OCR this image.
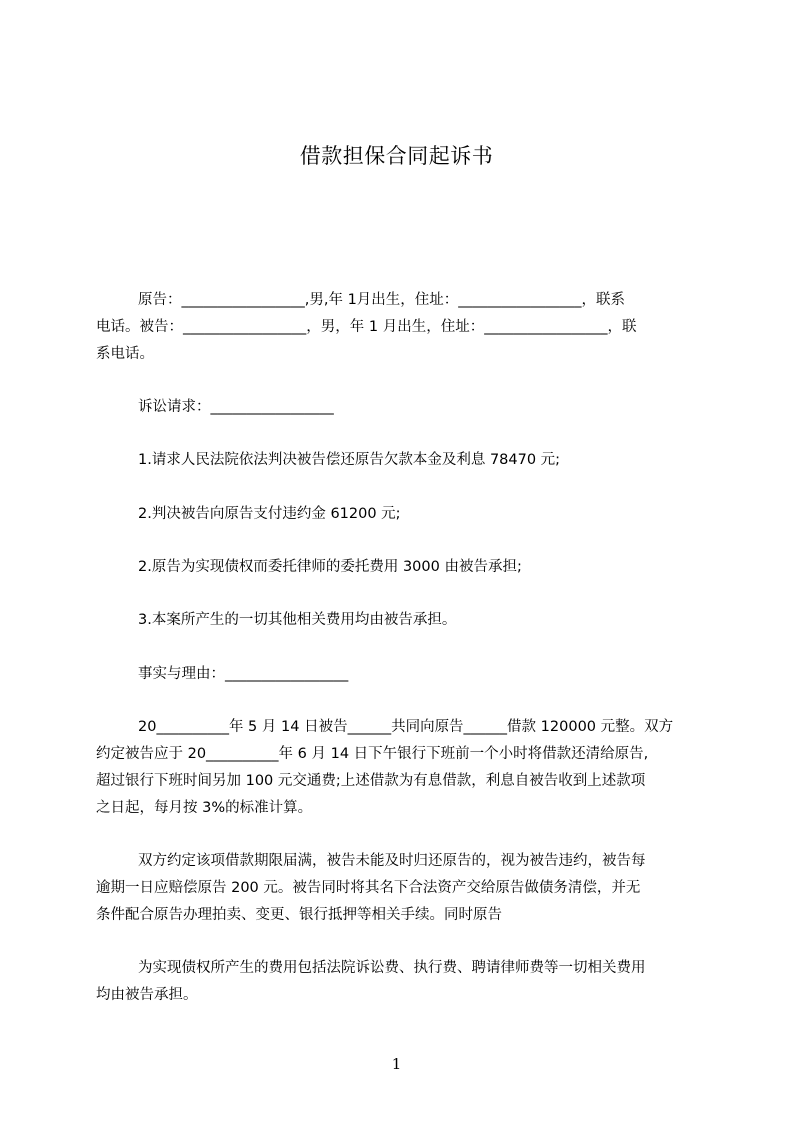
借款担保合同起诉书
原告：_________________,男,年 1月出生，住址：_________________，联系
电话。被告：_________________，男，年 1 月出生，住址：_________________，联
系电话。
诉讼请求：_________________
1.请求人民法院依法判决被告偿还原告欠款本金及利息 78470 元;
2.判决被告向原告支付违约金 61200 元;
2.原告为实现债权而委托律师的委托费用 3000 由被告承担;
3.本案所产生的一切其他相关费用均由被告承担。
事实与理由：_________________
20__________年 5 月 14 日被告______共同向原告______借款 120000 元整。双方
约定被告应于 20__________年 6 月 14 日下午银行下班前一个小时将借款还清给原告,
超过银行下班时间另加 100 元交通费;上述借款为有息借款，利息自被告收到上述款项
之日起，每月按 3%的标准计算。
双方约定该项借款期限届满，被告未能及时归还原告的，视为被告违约，被告每
逾期一日应赔偿原告 200 元。被告同时将其名下合法资产交给原告做债务清偿，并无
条件配合原告办理拍卖、变更、银行抵押等相关手续。同时原告
为实现债权所产生的费用包括法院诉讼费、执行费、聘请律师费等一切相关费用
均由被告承担。
1
